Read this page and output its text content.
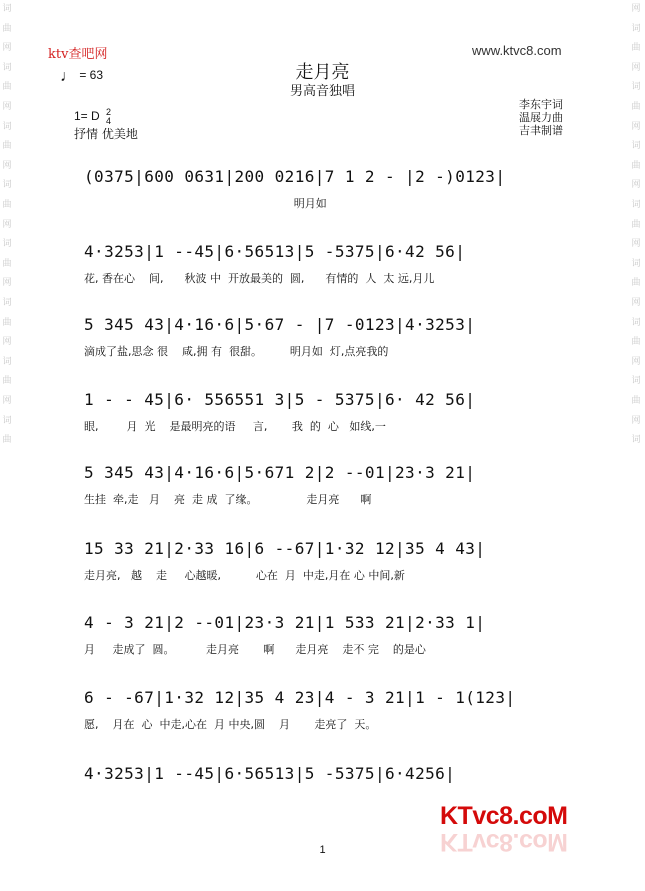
词
曲
网
词
曲
网
词
曲
网
词
曲
网
词
曲
网
词
曲
网
词
曲
网
词
曲
网
词
曲
网
词
曲
网
词
曲
网
词
曲
网
词
曲
网
词
曲
网
词
曲
网
词
ktv查吧网	www.ktvc8.com
♩ = 63	走月亮
男高音独唱
1= D 2
4
抒情 优美地
李东宇词
温展力曲
吉聿制谱
(0375|600 0631|200 0216|7 1 2 - |2 -)0123|
明月如
4·3253|1 --45|6·56513|5 -5375|6·42 56|
花, 香在心    间,      秋波 中  开放最美的  圆,      有情的  人  太 远,月儿
5 345 43|4·16·6|5·67 - |7 -0123|4·3253|
滴成了盐,思念 很    咸,拥 有  很甜。        明月如  灯,点亮我的
1 - - 45|6· 556551 3|5 - 5375|6· 42 56|
眼,        月  光    是最明亮的语     言,       我  的  心   如线,一
5 345 43|4·16·6|5·671 2|2 --01|23·3 21|
生挂  牵,走   月    亮  走 成  了缘。              走月亮      啊
15 33 21|2·33 16|6 --67|1·32 12|35 4 43|
走月亮,   越    走     心越暖,          心在  月  中走,月在 心 中间,新
4 - 3 21|2 --01|23·3 21|1 533 21|2·33 1|
月     走成了  圆。         走月亮       啊      走月亮    走不 完    的是心
6 - -67|1·32 12|35 4 23|4 - 3 21|1 - 1(123|
愿,    月在  心  中走,心在  月 中央,圆    月       走亮了  天。
4·3253|1 --45|6·56513|5 -5375|6·4256|
1
KTvc8.coM
KTvc8.coM
